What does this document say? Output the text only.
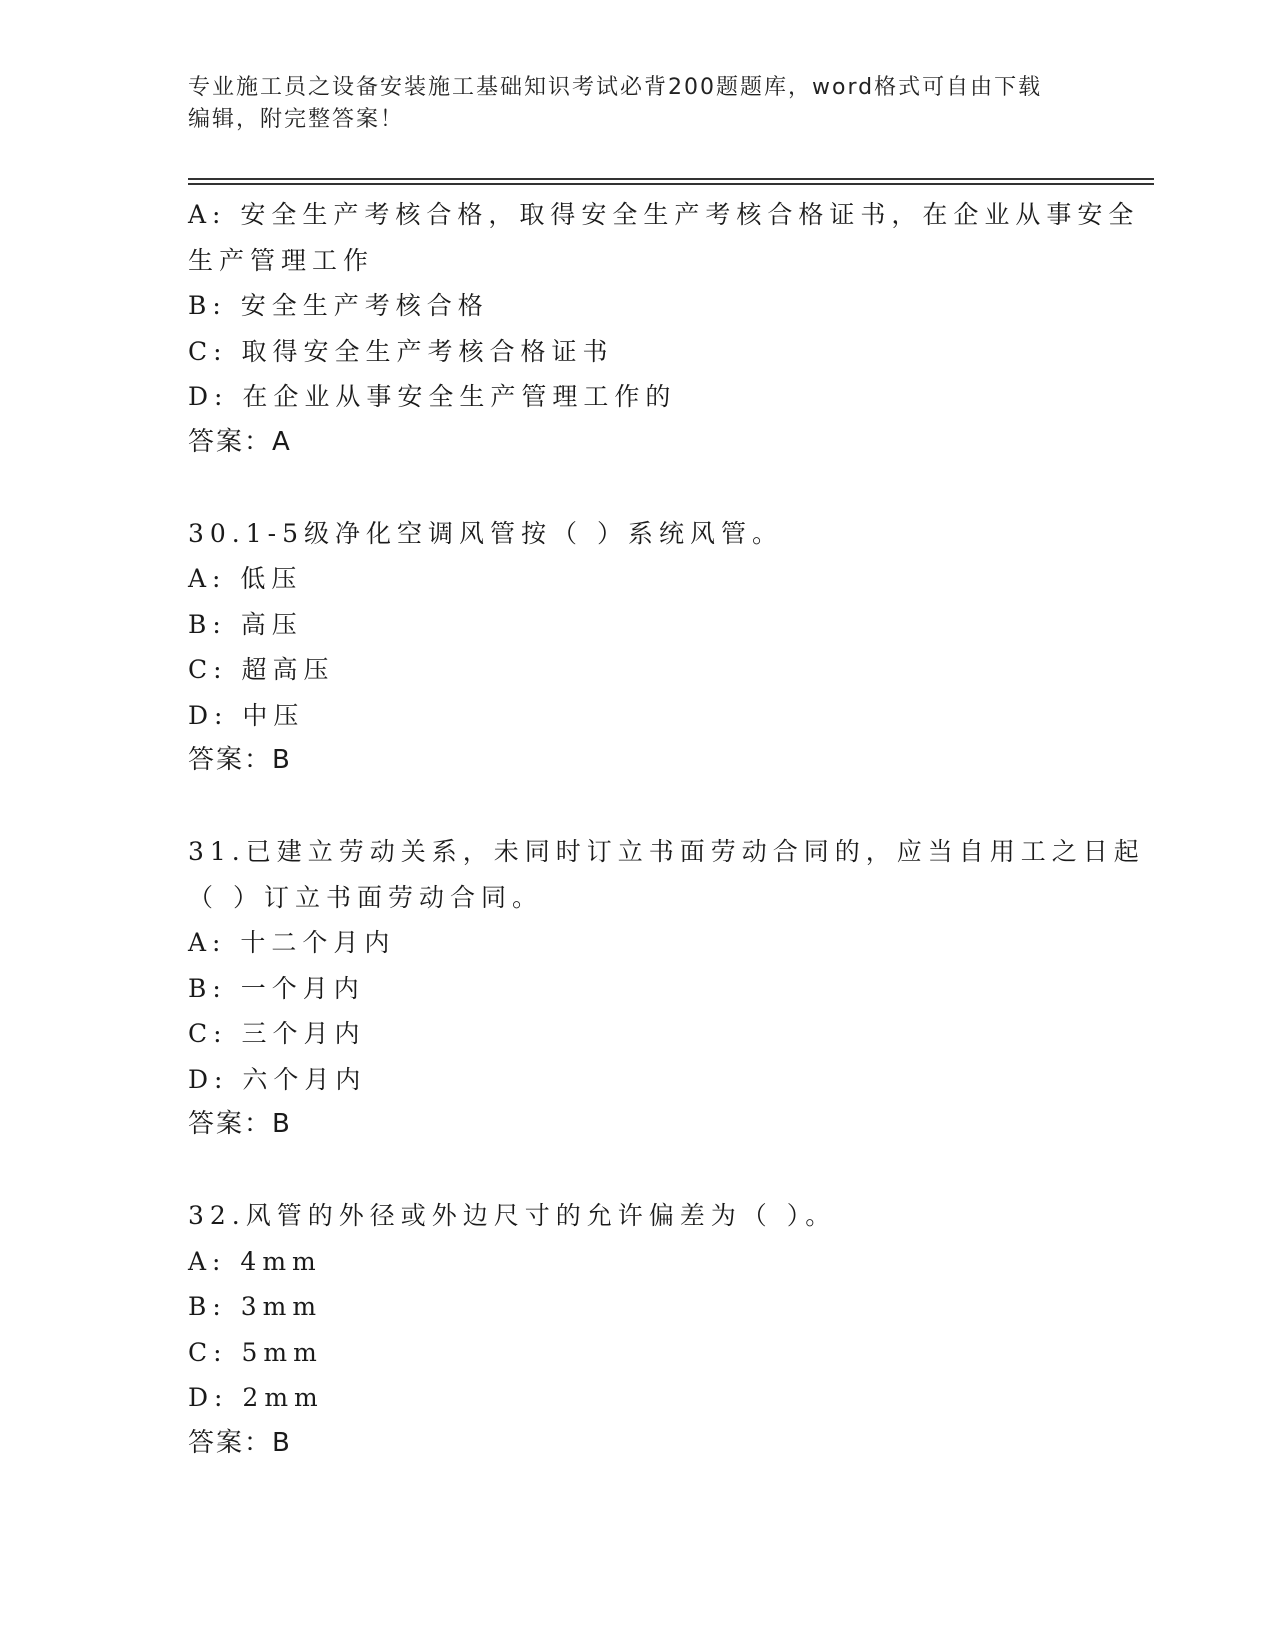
专业施工员之设备安装施工基础知识考试必背200题题库，word格式可自由下载
编辑，附完整答案！
A: 安全生产考核合格，取得安全生产考核合格证书，在企业从事安全
生产管理工作
B: 安全生产考核合格
C: 取得安全生产考核合格证书
D: 在企业从事安全生产管理工作的
答案：A
30.1-5级净化空调风管按（ ）系统风管。
A: 低压
B: 高压
C: 超高压
D: 中压
答案：B
31.已建立劳动关系，未同时订立书面劳动合同的，应当自用工之日起
（ ）订立书面劳动合同。
A: 十二个月内
B: 一个月内
C: 三个月内
D: 六个月内
答案：B
32.风管的外径或外边尺寸的允许偏差为（ ）。
A: 4mm
B: 3mm
C: 5mm
D: 2mm
答案：B
